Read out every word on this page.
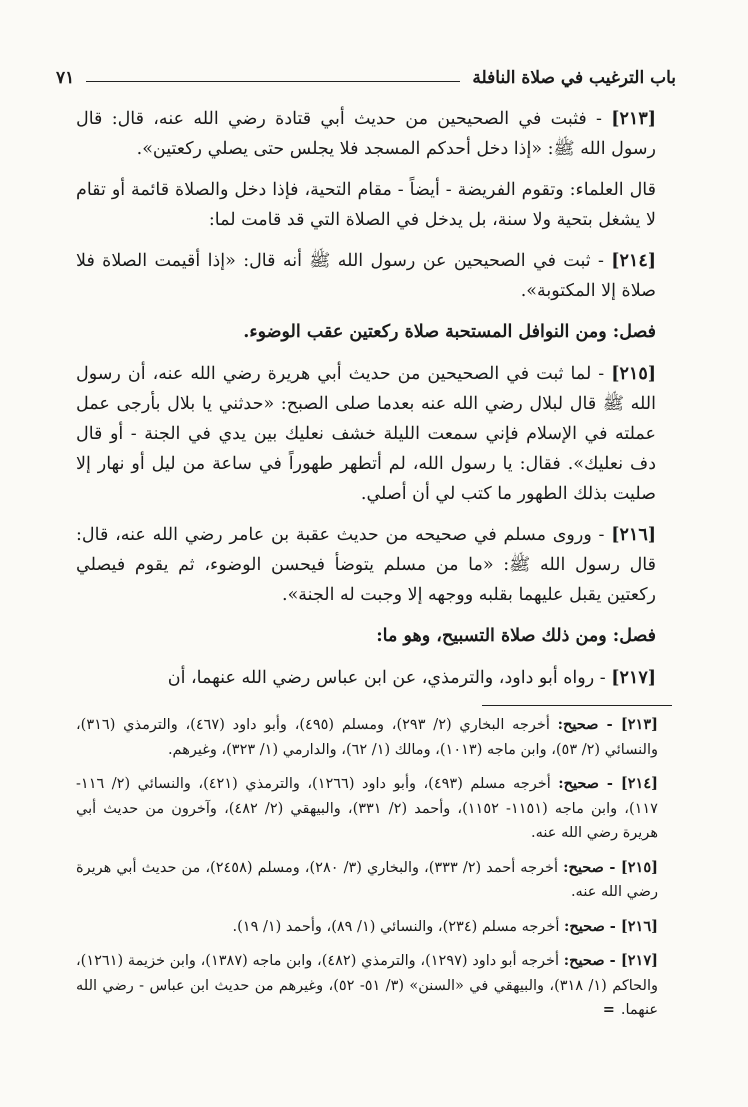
باب الترغيب في صلاة النافلة
٧١

[٢١٣] - فثبت في الصحيحين من حديث أبي قتادة رضي الله عنه، قال: قال رسول الله ﷺ: «إذا دخل أحدكم المسجد فلا يجلس حتى يصلي ركعتين».

قال العلماء: وتقوم الفريضة - أيضاً - مقام التحية، فإذا دخل والصلاة قائمة أو تقام لا يشغل بتحية ولا سنة، بل يدخل في الصلاة التي قد قامت لما:

[٢١٤] - ثبت في الصحيحين عن رسول الله ﷺ أنه قال: «إذا أقيمت الصلاة فلا صلاة إلا المكتوبة».

فصل: ومن النوافل المستحبة صلاة ركعتين عقب الوضوء.

[٢١٥] - لما ثبت في الصحيحين من حديث أبي هريرة رضي الله عنه، أن رسول الله ﷺ قال لبلال رضي الله عنه بعدما صلى الصبح: «حدثني يا بلال بأرجى عمل عملته في الإسلام فإني سمعت الليلة خشف نعليك بين يدي في الجنة - أو قال دف نعليك». فقال: يا رسول الله، لم أتطهر طهوراً في ساعة من ليل أو نهار إلا صليت بذلك الطهور ما كتب لي أن أصلي.

[٢١٦] - وروى مسلم في صحيحه من حديث عقبة بن عامر رضي الله عنه، قال: قال رسول الله ﷺ: «ما من مسلم يتوضأ فيحسن الوضوء، ثم يقوم فيصلي ركعتين يقبل عليهما بقلبه ووجهه إلا وجبت له الجنة».

فصل: ومن ذلك صلاة التسبيح، وهو ما:

[٢١٧] - رواه أبو داود، والترمذي، عن ابن عباس رضي الله عنهما، أن

[٢١٣] - صحيح: أخرجه البخاري (٢/ ٢٩٣)، ومسلم (٤٩٥)، وأبو داود (٤٦٧)، والترمذي (٣١٦)، والنسائي (٢/ ٥٣)، وابن ماجه (١٠١٣)، ومالك (١/ ٦٢)، والدارمي (١/ ٣٢٣)، وغيرهم.

[٢١٤] - صحيح: أخرجه مسلم (٤٩٣)، وأبو داود (١٢٦٦)، والترمذي (٤٢١)، والنسائي (٢/ ١١٦- ١١٧)، وابن ماجه (١١٥١- ١١٥٢)، وأحمد (٢/ ٣٣١)، والبيهقي (٢/ ٤٨٢)، وآخرون من حديث أبي هريرة رضي الله عنه.

[٢١٥] - صحيح: أخرجه أحمد (٢/ ٣٣٣)، والبخاري (٣/ ٢٨٠)، ومسلم (٢٤٥٨)، من حديث أبي هريرة رضي الله عنه.

[٢١٦] - صحيح: أخرجه مسلم (٢٣٤)، والنسائي (١/ ٨٩)، وأحمد (١/ ١٩).

[٢١٧] - صحيح: أخرجه أبو داود (١٢٩٧)، والترمذي (٤٨٢)، وابن ماجه (١٣٨٧)، وابن خزيمة (١٢٦١)، والحاكم (١/ ٣١٨)، والبيهقي في «السنن» (٣/ ٥١- ٥٢)، وغيرهم من حديث ابن عباس - رضي الله عنهما.=
